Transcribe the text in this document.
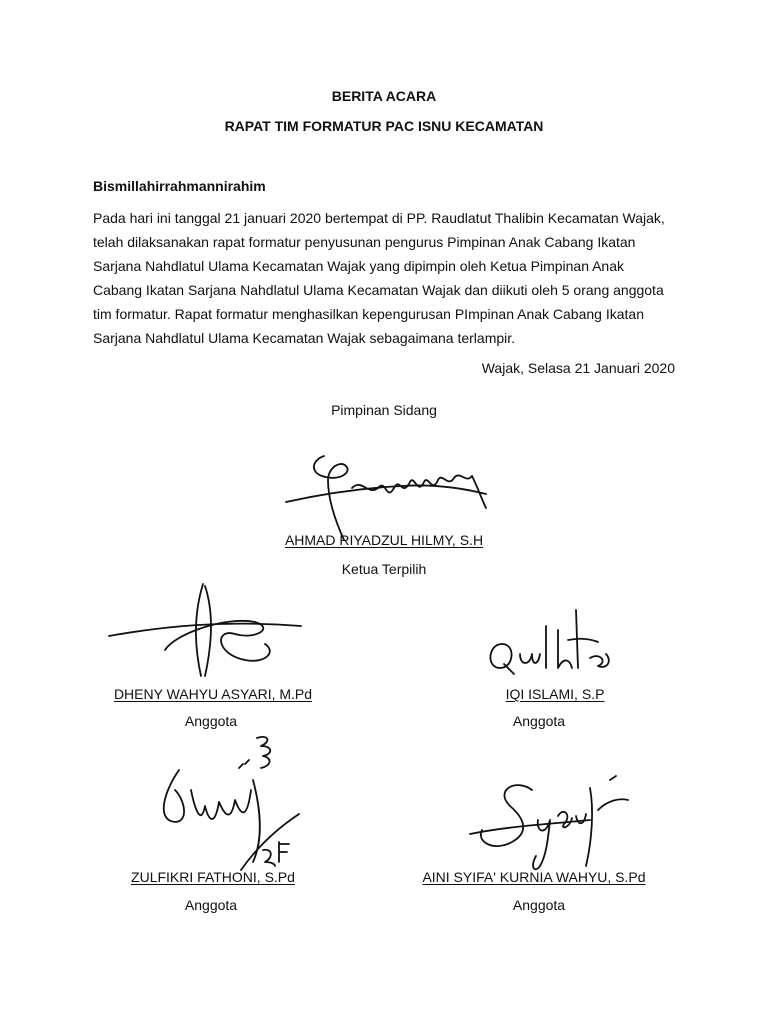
BERITA ACARA
RAPAT TIM FORMATUR PAC ISNU KECAMATAN
Bismillahirrahmannirahim
Pada hari ini tanggal 21 januari 2020 bertempat di PP. Raudlatut Thalibin Kecamatan Wajak,
telah dilaksanakan rapat formatur penyusunan pengurus Pimpinan Anak Cabang Ikatan
Sarjana Nahdlatul Ulama Kecamatan Wajak yang dipimpin oleh Ketua Pimpinan Anak
Cabang Ikatan Sarjana Nahdlatul Ulama Kecamatan Wajak dan diikuti oleh 5 orang anggota
tim formatur. Rapat formatur menghasilkan kepengurusan PImpinan Anak Cabang Ikatan
Sarjana Nahdlatul Ulama Kecamatan Wajak sebagaimana terlampir.
Wajak, Selasa 21 Januari 2020
Pimpinan Sidang
AHMAD RIYADZUL HILMY, S.H
Ketua Terpilih
DHENY WAHYU ASYARI, M.Pd
Anggota
IQI ISLAMI, S.P
Anggota
ZULFIKRI FATHONI, S.Pd
Anggota
AINI SYIFA' KURNIA WAHYU, S.Pd
Anggota
